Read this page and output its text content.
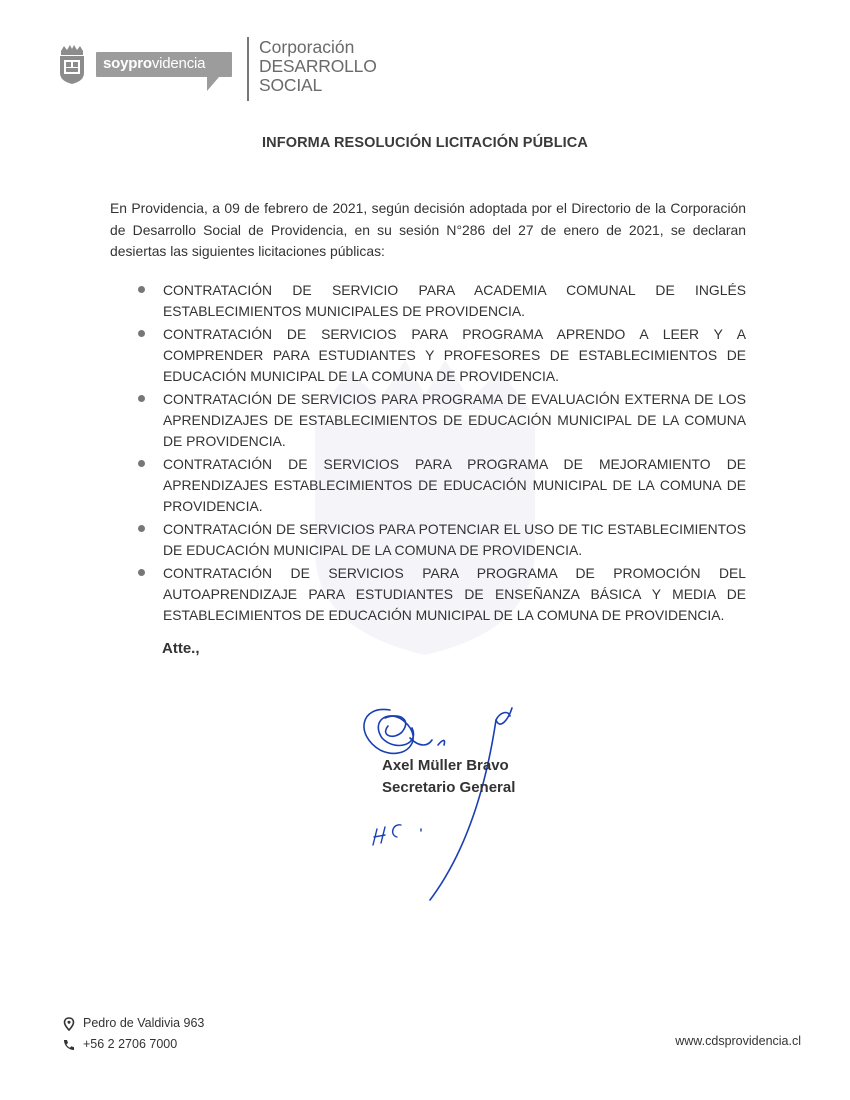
soyprovidencia
Corporación
DESARROLLO
SOCIAL
INFORMA RESOLUCIÓN LICITACIÓN PÚBLICA
En Providencia, a 09 de febrero de 2021, según decisión adoptada por el Directorio de la Corporación de Desarrollo Social de Providencia, en su sesión N°286 del 27 de enero de 2021, se declaran desiertas las siguientes licitaciones públicas:
CONTRATACIÓN DE SERVICIO PARA ACADEMIA COMUNAL DE INGLÉS ESTABLECIMIENTOS MUNICIPALES DE PROVIDENCIA.
CONTRATACIÓN DE SERVICIOS PARA PROGRAMA APRENDO A LEER Y A COMPRENDER PARA ESTUDIANTES Y PROFESORES DE ESTABLECIMIENTOS DE EDUCACIÓN MUNICIPAL DE LA COMUNA DE PROVIDENCIA.
CONTRATACIÓN DE SERVICIOS PARA PROGRAMA DE EVALUACIÓN EXTERNA DE LOS APRENDIZAJES DE ESTABLECIMIENTOS DE EDUCACIÓN MUNICIPAL DE LA COMUNA DE PROVIDENCIA.
CONTRATACIÓN DE SERVICIOS PARA PROGRAMA DE MEJORAMIENTO DE APRENDIZAJES ESTABLECIMIENTOS DE EDUCACIÓN MUNICIPAL DE LA COMUNA DE PROVIDENCIA.
CONTRATACIÓN DE SERVICIOS PARA POTENCIAR EL USO DE TIC ESTABLECIMIENTOS DE EDUCACIÓN MUNICIPAL DE LA COMUNA DE PROVIDENCIA.
CONTRATACIÓN DE SERVICIOS PARA PROGRAMA DE PROMOCIÓN DEL AUTOAPRENDIZAJE PARA ESTUDIANTES DE ENSEÑANZA BÁSICA Y MEDIA DE ESTABLECIMIENTOS DE EDUCACIÓN MUNICIPAL DE LA COMUNA DE PROVIDENCIA.
Atte.,
Axel Müller Bravo
Secretario General
Pedro de Valdivia 963
+56 2 2706 7000	www.cdsprovidencia.cl
